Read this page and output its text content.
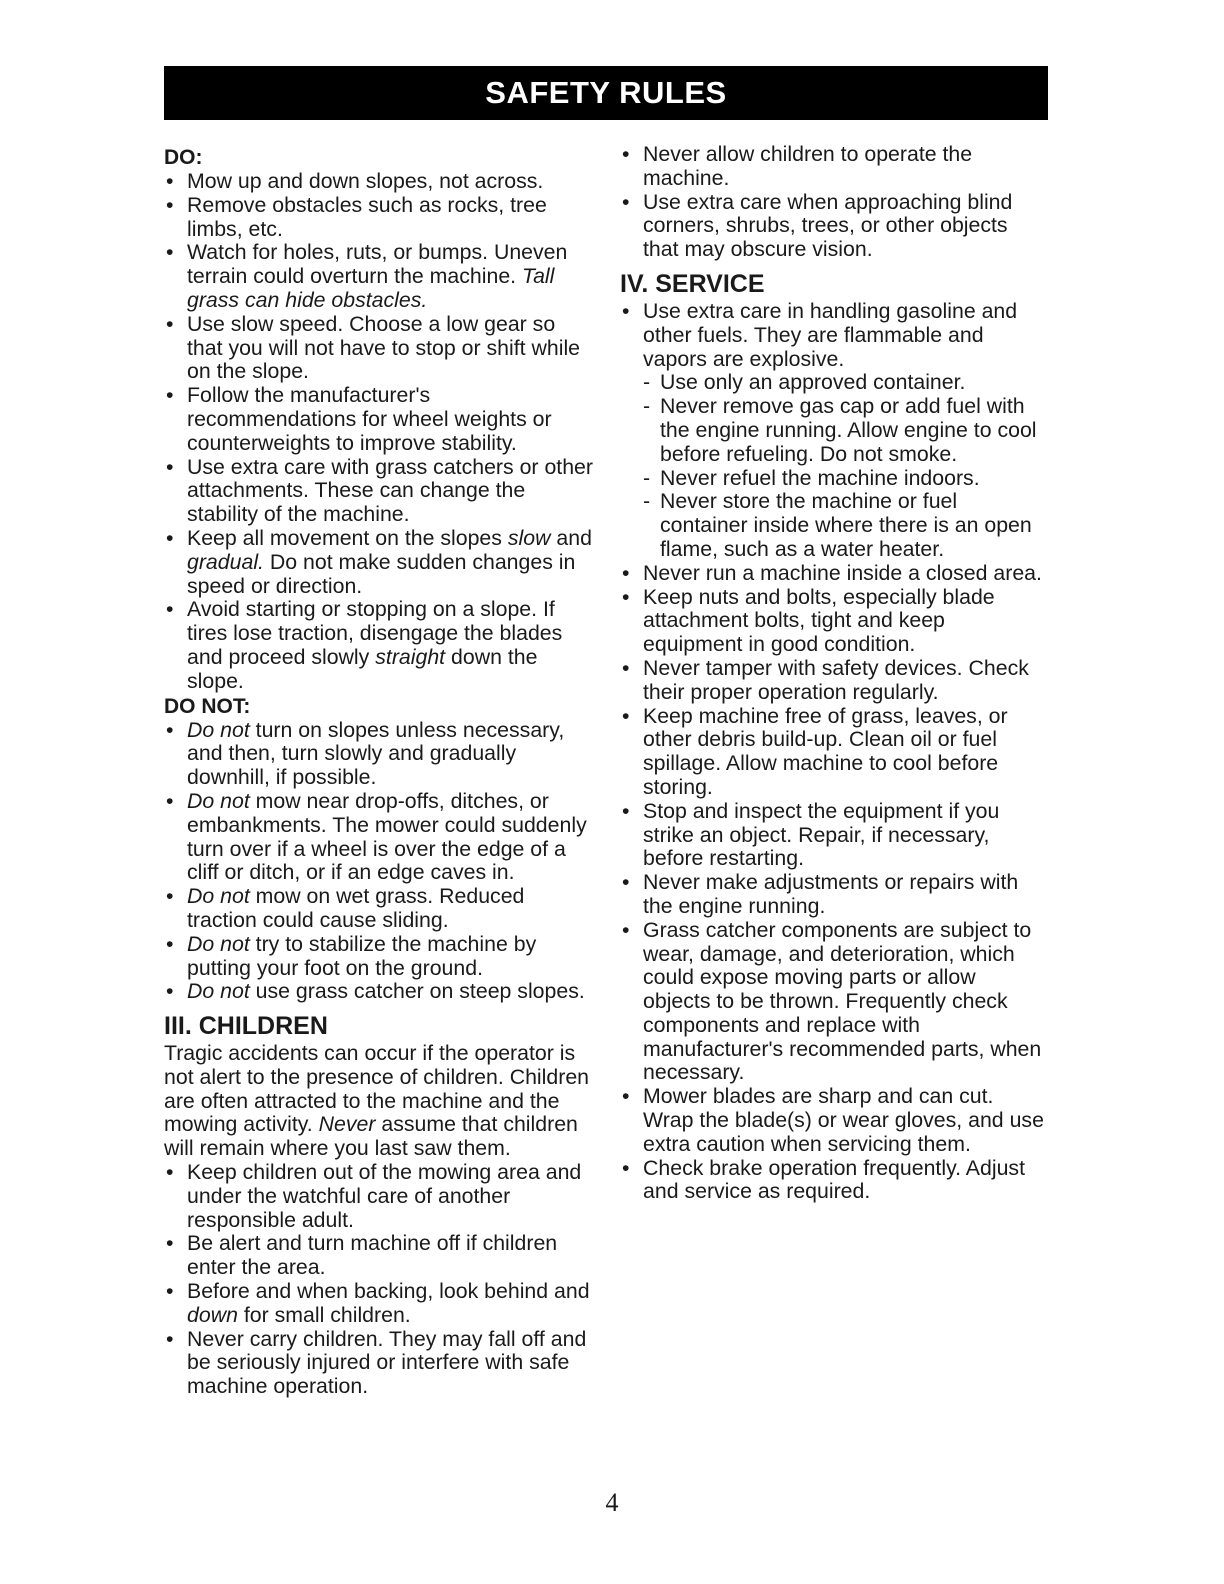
SAFETY RULES

DO:

• Mow up and down slopes, not across.
• Remove obstacles such as rocks, tree limbs, etc.
• Watch for holes, ruts, or bumps. Uneven terrain could overturn the machine. Tall grass can hide obstacles.
• Use slow speed. Choose a low gear so that you will not have to stop or shift while on the slope.
• Follow the manufacturer's recommendations for wheel weights or counterweights to improve stability.
• Use extra care with grass catchers or other attachments. These can change the stability of the machine.
• Keep all movement on the slopes slow and gradual. Do not make sudden changes in speed or direction.
• Avoid starting or stopping on a slope. If tires lose traction, disengage the blades and proceed slowly straight down the slope.

DO NOT:

• Do not turn on slopes unless necessary, and then, turn slowly and gradually downhill, if possible.
• Do not mow near drop-offs, ditches, or embankments. The mower could suddenly turn over if a wheel is over the edge of a cliff or ditch, or if an edge caves in.
• Do not mow on wet grass. Reduced traction could cause sliding.
• Do not try to stabilize the machine by putting your foot on the ground.
• Do not use grass catcher on steep slopes.
III. CHILDREN

Tragic accidents can occur if the operator is not alert to the presence of children. Children are often attracted to the machine and the mowing activity. Never assume that children will remain where you last saw them.

• Keep children out of the mowing area and under the watchful care of another responsible adult.
• Be alert and turn machine off if children enter the area.
• Before and when backing, look behind and down for small children.
• Never carry children. They may fall off and be seriously injured or interfere with safe machine operation.
• Never allow children to operate the machine.
• Use extra care when approaching blind corners, shrubs, trees, or other objects that may obscure vision.
IV. SERVICE
• Use extra care in handling gasoline and other fuels. They are flammable and vapors are explosive.
- Use only an approved container.
- Never remove gas cap or add fuel with the engine running. Allow engine to cool before refueling. Do not smoke.
- Never refuel the machine indoors.
- Never store the machine or fuel container inside where there is an open flame, such as a water heater.
• Never run a machine inside a closed area.
• Keep nuts and bolts, especially blade attachment bolts, tight and keep equipment in good condition.
• Never tamper with safety devices. Check their proper operation regularly.
• Keep machine free of grass, leaves, or other debris build-up. Clean oil or fuel spillage. Allow machine to cool before storing.
• Stop and inspect the equipment if you strike an object. Repair, if necessary, before restarting.
• Never make adjustments or repairs with the engine running.
• Grass catcher components are subject to wear, damage, and deterioration, which could expose moving parts or allow objects to be thrown. Frequently check components and replace with manufacturer's recommended parts, when necessary.
• Mower blades are sharp and can cut. Wrap the blade(s) or wear gloves, and use extra caution when servicing them.
• Check brake operation frequently. Adjust and service as required.
4
